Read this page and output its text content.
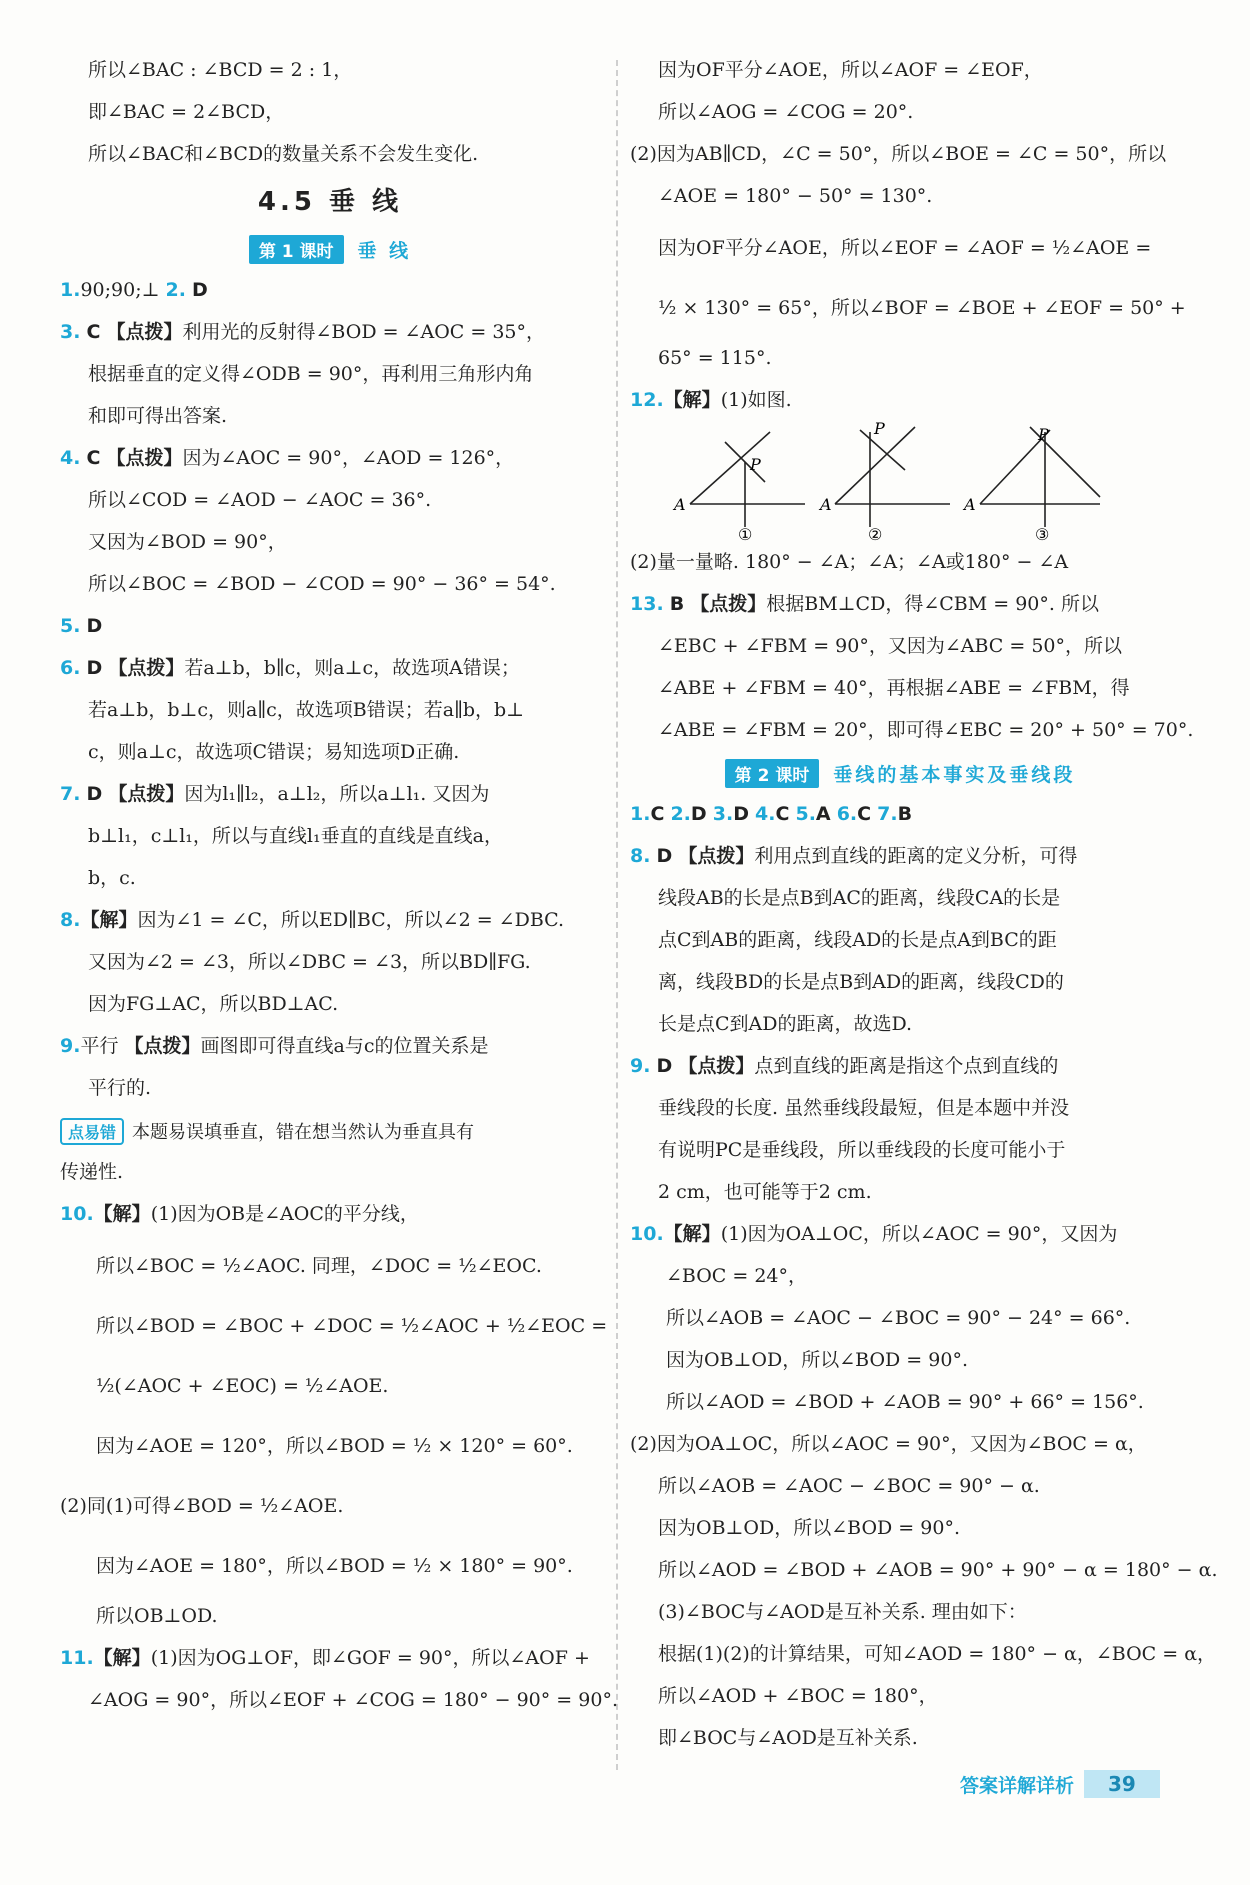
所以∠BAC : ∠BCD = 2 : 1，
即∠BAC = 2∠BCD，
所以∠BAC和∠BCD的数量关系不会发生变化.
4.5 垂 线
第 1 课时	垂 线
1.90;90;⊥ 2. D
3. C 【点拨】利用光的反射得∠BOD = ∠AOC = 35°，
根据垂直的定义得∠ODB = 90°，再利用三角形内角
和即可得出答案.
4. C 【点拨】因为∠AOC = 90°，∠AOD = 126°，
所以∠COD = ∠AOD − ∠AOC = 36°.
又因为∠BOD = 90°，
所以∠BOC = ∠BOD − ∠COD = 90° − 36° = 54°.
5. D
6. D 【点拨】若a⊥b，b∥c，则a⊥c，故选项A错误；
若a⊥b，b⊥c，则a∥c，故选项B错误；若a∥b，b⊥
c，则a⊥c，故选项C错误；易知选项D正确.
7. D 【点拨】因为l₁∥l₂，a⊥l₂，所以a⊥l₁. 又因为
b⊥l₁，c⊥l₁，所以与直线l₁垂直的直线是直线a，
b，c.
8.【解】因为∠1 = ∠C，所以ED∥BC，所以∠2 = ∠DBC.
又因为∠2 = ∠3，所以∠DBC = ∠3，所以BD∥FG.
因为FG⊥AC，所以BD⊥AC.
9.平行 【点拨】画图即可得直线a与c的位置关系是
平行的.
点易错 本题易误填垂直，错在想当然认为垂直具有
传递性.
10.【解】(1)因为OB是∠AOC的平分线，
所以∠BOC = ½∠AOC. 同理，∠DOC = ½∠EOC.
所以∠BOD = ∠BOC + ∠DOC = ½∠AOC + ½∠EOC =
½(∠AOC + ∠EOC) = ½∠AOE.
因为∠AOE = 120°，所以∠BOD = ½ × 120° = 60°.
(2)同(1)可得∠BOD = ½∠AOE.
因为∠AOE = 180°，所以∠BOD = ½ × 180° = 90°.
所以OB⊥OD.
11.【解】(1)因为OG⊥OF，即∠GOF = 90°，所以∠AOF +
∠AOG = 90°，所以∠EOF + ∠COG = 180° − 90° = 90°.
因为OF平分∠AOE，所以∠AOF = ∠EOF，
所以∠AOG = ∠COG = 20°.
(2)因为AB∥CD，∠C = 50°，所以∠BOE = ∠C = 50°，所以
∠AOE = 180° − 50° = 130°.
因为OF平分∠AOE，所以∠EOF = ∠AOF = ½∠AOE =
½ × 130° = 65°，所以∠BOF = ∠BOE + ∠EOF = 50° +
65° = 115°.
12.【解】(1)如图.
A
P
①
A
P
②
A
P
③
(2)量一量略. 180° − ∠A；∠A；∠A或180° − ∠A
13. B 【点拨】根据BM⊥CD，得∠CBM = 90°. 所以
∠EBC + ∠FBM = 90°，又因为∠ABC = 50°，所以
∠ABE + ∠FBM = 40°，再根据∠ABE = ∠FBM，得
∠ABE = ∠FBM = 20°，即可得∠EBC = 20° + 50° = 70°.
第 2 课时	垂线的基本事实及垂线段
1.C 2.D 3.D 4.C 5.A 6.C 7.B
8. D 【点拨】利用点到直线的距离的定义分析，可得
线段AB的长是点B到AC的距离，线段CA的长是
点C到AB的距离，线段AD的长是点A到BC的距
离，线段BD的长是点B到AD的距离，线段CD的
长是点C到AD的距离，故选D.
9. D 【点拨】点到直线的距离是指这个点到直线的
垂线段的长度. 虽然垂线段最短，但是本题中并没
有说明PC是垂线段，所以垂线段的长度可能小于
2 cm，也可能等于2 cm.
10.【解】(1)因为OA⊥OC，所以∠AOC = 90°，又因为
∠BOC = 24°，
所以∠AOB = ∠AOC − ∠BOC = 90° − 24° = 66°.
因为OB⊥OD，所以∠BOD = 90°.
所以∠AOD = ∠BOD + ∠AOB = 90° + 66° = 156°.
(2)因为OA⊥OC，所以∠AOC = 90°，又因为∠BOC = α，
所以∠AOB = ∠AOC − ∠BOC = 90° − α.
因为OB⊥OD，所以∠BOD = 90°.
所以∠AOD = ∠BOD + ∠AOB = 90° + 90° − α = 180° − α.
(3)∠BOC与∠AOD是互补关系. 理由如下：
根据(1)(2)的计算结果，可知∠AOD = 180° − α，∠BOC = α，
所以∠AOD + ∠BOC = 180°，
即∠BOC与∠AOD是互补关系.
答案详解详析	39
